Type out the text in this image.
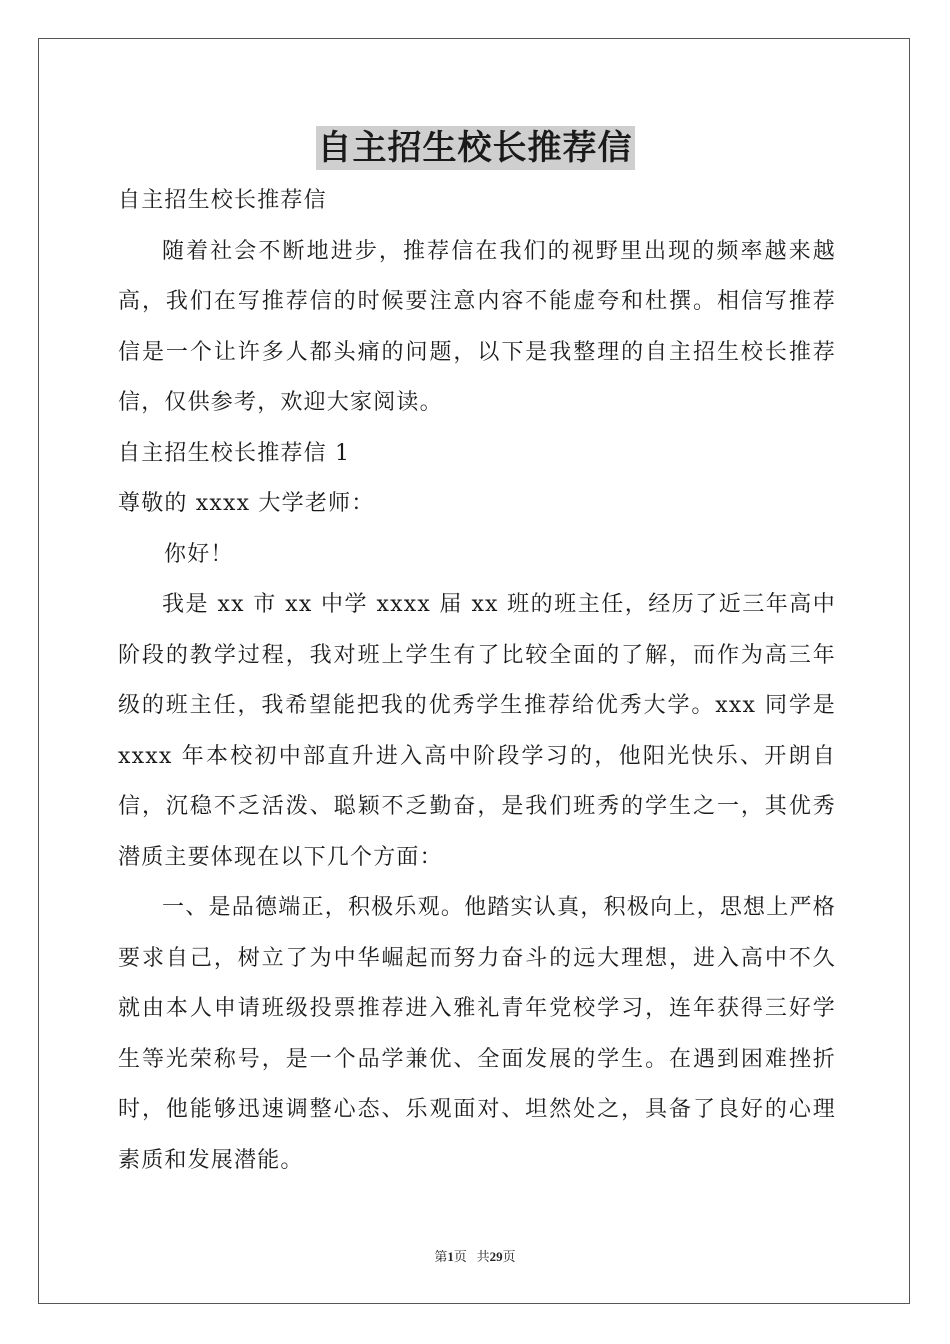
自主招生校长推荐信
自主招生校长推荐信

随着社会不断地进步，推荐信在我们的视野里出现的频率越来越高，我们在写推荐信的时候要注意内容不能虚夸和杜撰。相信写推荐信是一个让许多人都头痛的问题，以下是我整理的自主招生校长推荐信，仅供参考，欢迎大家阅读。

自主招生校长推荐信 1
尊敬的 xxxx 大学老师：
你好！

我是 xx 市 xx 中学 xxxx 届 xx 班的班主任，经历了近三年高中阶段的教学过程，我对班上学生有了比较全面的了解，而作为高三年级的班主任，我希望能把我的优秀学生推荐给优秀大学。xxx 同学是 xxxx 年本校初中部直升进入高中阶段学习的，他阳光快乐、开朗自信，沉稳不乏活泼、聪颖不乏勤奋，是我们班秀的学生之一，其优秀潜质主要体现在以下几个方面：

一、是品德端正，积极乐观。他踏实认真，积极向上，思想上严格要求自己，树立了为中华崛起而努力奋斗的远大理想，进入高中不久就由本人申请班级投票推荐进入雅礼青年党校学习，连年获得三好学生等光荣称号，是一个品学兼优、全面发展的学生。在遇到困难挫折时，他能够迅速调整心态、乐观面对、坦然处之，具备了良好的心理素质和发展潜能。

第1页 共29页
